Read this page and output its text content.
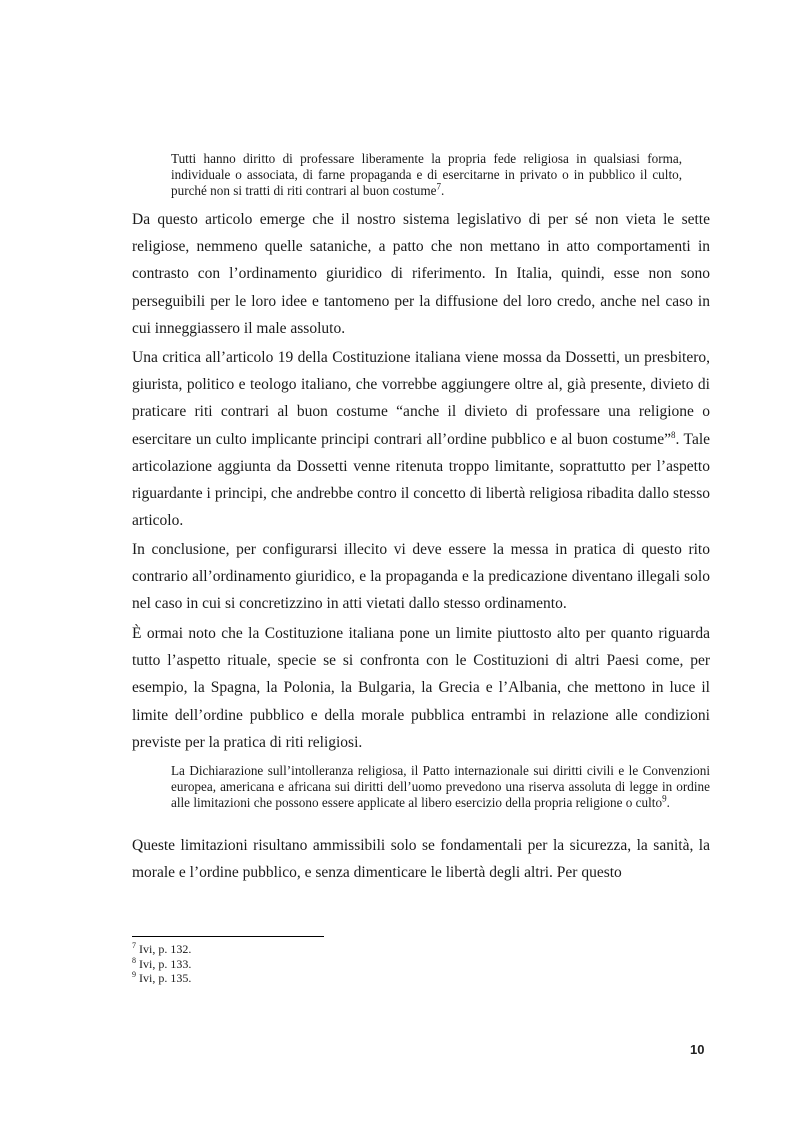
Tutti hanno diritto di professare liberamente la propria fede religiosa in qualsiasi forma, individuale o associata, di farne propaganda e di esercitarne in privato o in pubblico il culto, purché non si tratti di riti contrari al buon costume$^7$.

Da questo articolo emerge che il nostro sistema legislativo di per sé non vieta le sette religiose, nemmeno quelle sataniche, a patto che non mettano in atto comportamenti in contrasto con l’ordinamento giuridico di riferimento. In Italia, quindi, esse non sono perseguibili per le loro idee e tantomeno per la diffusione del loro credo, anche nel caso in cui inneggiassero il male assoluto.

Una critica all’articolo 19 della Costituzione italiana viene mossa da Dossetti, un presbitero, giurista, politico e teologo italiano, che vorrebbe aggiungere oltre al, già presente, divieto di praticare riti contrari al buon costume “anche il divieto di professare una religione o esercitare un culto implicante principi contrari all’ordine pubblico e al buon costume”$^8$. Tale articolazione aggiunta da Dossetti venne ritenuta troppo limitante, soprattutto per l’aspetto riguardante i principi, che andrebbe contro il concetto di libertà religiosa ribadita dallo stesso articolo.

In conclusione, per configurarsi illecito vi deve essere la messa in pratica di questo rito contrario all’ordinamento giuridico, e la propaganda e la predicazione diventano illegali solo nel caso in cui si concretizzino in atti vietati dallo stesso ordinamento.

È ormai noto che la Costituzione italiana pone un limite piuttosto alto per quanto riguarda tutto l’aspetto rituale, specie se si confronta con le Costituzioni di altri Paesi come, per esempio, la Spagna, la Polonia, la Bulgaria, la Grecia e l’Albania, che mettono in luce il limite dell’ordine pubblico e della morale pubblica entrambi in relazione alle condizioni previste per la pratica di riti religiosi.

La Dichiarazione sull’intolleranza religiosa, il Patto internazionale sui diritti civili e le Convenzioni europea, americana e africana sui diritti dell’uomo prevedono una riserva assoluta di legge in ordine alle limitazioni che possono essere applicate al libero esercizio della propria religione o culto$^9$.

Queste limitazioni risultano ammissibili solo se fondamentali per la sicurezza, la sanità, la morale e l’ordine pubblico, e senza dimenticare le libertà degli altri. Per questo

$^7$ Ivi, p. 132.
$^8$ Ivi, p. 133.
$^9$ Ivi, p. 135.
10
